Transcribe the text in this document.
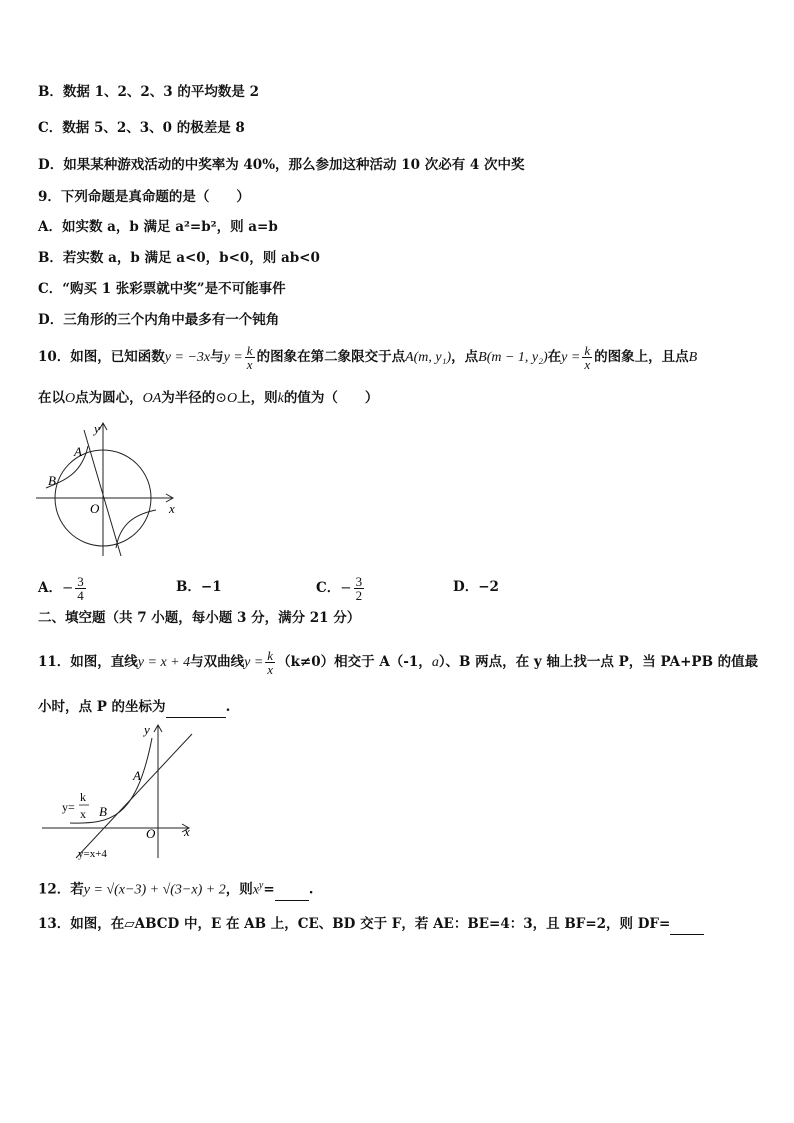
B．数据 1、2、2、3 的平均数是 2
C．数据 5、2、3、0 的极差是 8
D．如果某种游戏活动的中奖率为 40%，那么参加这种活动 10 次必有 4 次中奖
9．下列命题是真命题的是（　　）
A．如实数 a，b 满足 a²=b²，则 a=b
B．若实数 a，b 满足 a<0，b<0，则 ab<0
C．“购买 1 张彩票就中奖”是不可能事件
D．三角形的三个内角中最多有一个钝角
10．如图，已知函数y = −3x与$y = \frac{k}{x}$ 的图象在第二象限交于点A(m, y₁)，点B(m − 1, y₂)在$y = \frac{k}{x}$ 的图象上，且点B
在以O点为圆心，OA为半径的⊙O上，则k的值为（　　）
y
x
O
A
B
A．− $\frac{3}{4}$	B．−1	C．− $\frac{3}{2}$	D．−2
二、填空题（共 7 小题，每小题 3 分，满分 21 分）
11．如图，直线y = x + 4与双曲线$y = \frac{k}{x} (k\ne 0)$相交于 A（-1，a）、B 两点，在 y 轴上找一点 P，当 PA+PB 的值最
小时，点 P 的坐标为	.
y
x
O
A
B
y=
k
x
y=x+4
12．若y = √(x−3) + √(3−x) + 2，则$x^y=$	.
13．如图，在▱ABCD 中，E 在 AB 上，CE、BD 交于 F，若 AE：BE=4：3，且 BF=2，则 DF=
